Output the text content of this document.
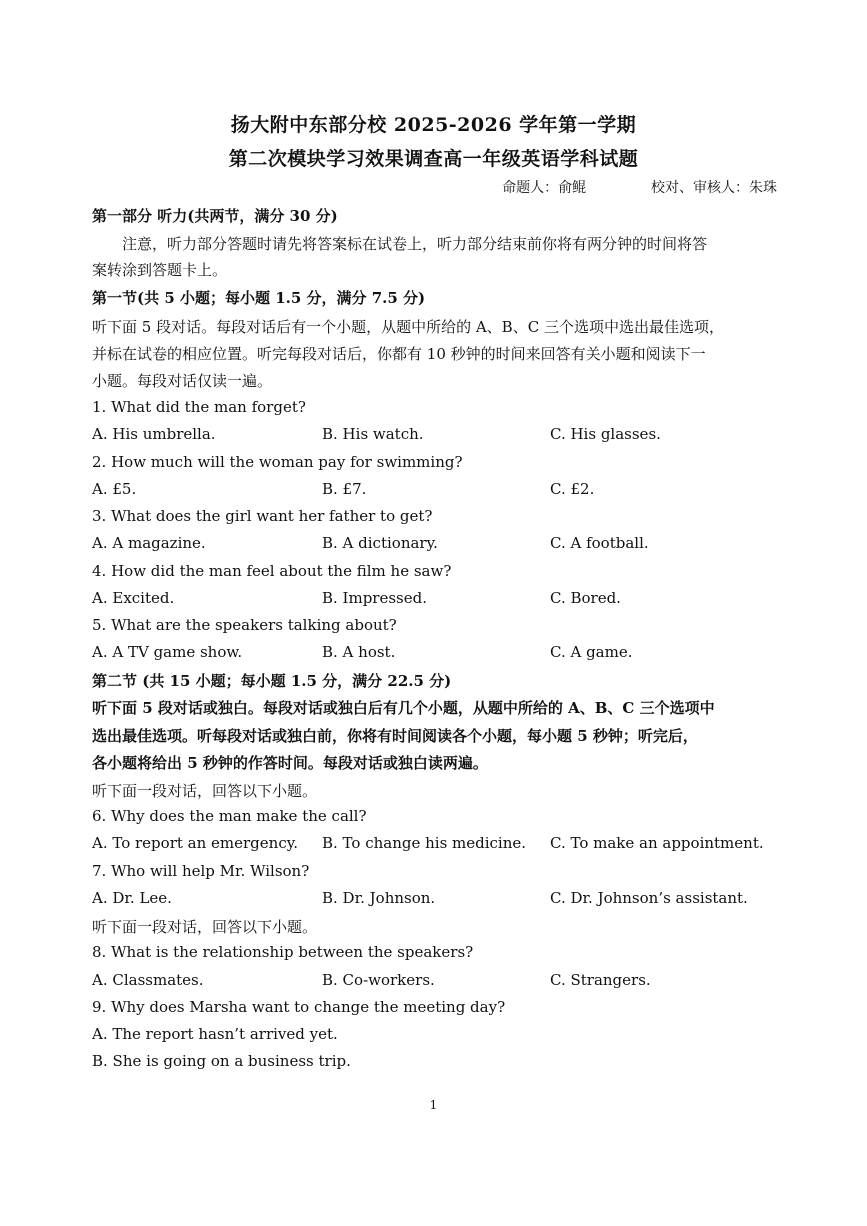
扬大附中东部分校 2025-2026 学年第一学期
第二次模块学习效果调查高一年级英语学科试题
命题人：俞鲲	校对、审核人：朱珠
第一部分 听力(共两节，满分 30 分)
注意，听力部分答题时请先将答案标在试卷上，听力部分结束前你将有两分钟的时间将答
案转涂到答题卡上。
第一节(共 5 小题；每小题 1.5 分，满分 7.5 分)
听下面 5 段对话。每段对话后有一个小题，从题中所给的 A、B、C 三个选项中选出最佳选项，
并标在试卷的相应位置。听完每段对话后，你都有 10 秒钟的时间来回答有关小题和阅读下一
小题。每段对话仅读一遍。
1. What did the man forget?
A. His umbrella.	B. His watch.	C. His glasses.
2. How much will the woman pay for swimming?
A. £5.	B. £7.	C. £2.
3. What does the girl want her father to get?
A. A magazine.	B. A dictionary.	C. A football.
4. How did the man feel about the film he saw?
A. Excited.	B. Impressed.	C. Bored.
5. What are the speakers talking about?
A. A TV game show.	B. A host.	C. A game.
第二节 (共 15 小题；每小题 1.5 分，满分 22.5 分)
听下面 5 段对话或独白。每段对话或独白后有几个小题，从题中所给的 A、B、C 三个选项中
选出最佳选项。听每段对话或独白前，你将有时间阅读各个小题，每小题 5 秒钟；听完后，
各小题将给出 5 秒钟的作答时间。每段对话或独白读两遍。
听下面一段对话，回答以下小题。
6. Why does the man make the call?
A. To report an emergency. B. To change his medicine. C. To make an appointment.
7. Who will help Mr. Wilson?
A. Dr. Lee.	B. Dr. Johnson.	C. Dr. Johnson’s assistant.
听下面一段对话，回答以下小题。
8. What is the relationship between the speakers?
A. Classmates.	B. Co-workers.	C. Strangers.
9. Why does Marsha want to change the meeting day?
A. The report hasn’t arrived yet.
B. She is going on a business trip.
1
